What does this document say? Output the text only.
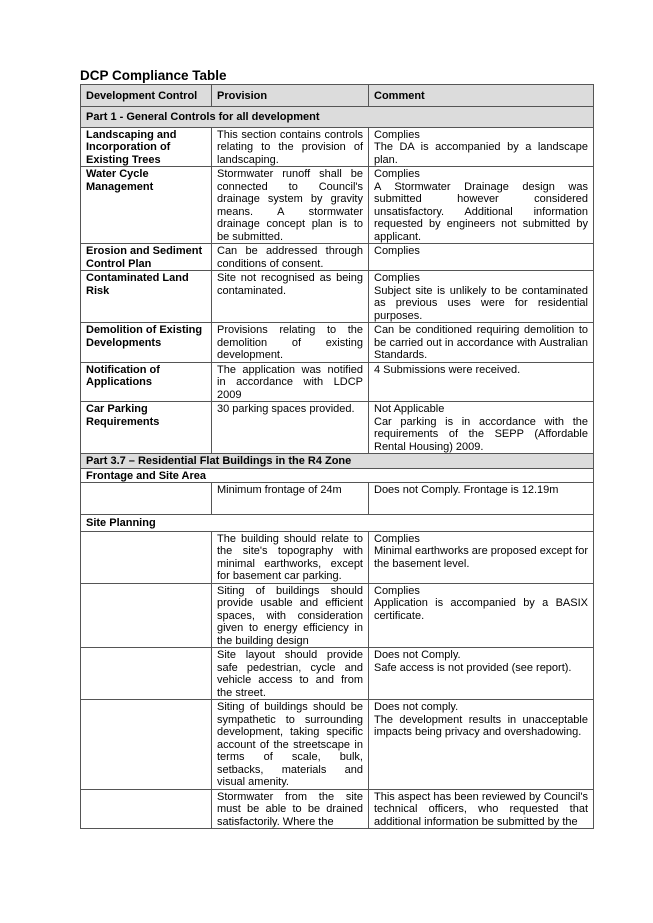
DCP Compliance Table
Development Control	Provision	Comment
Part 1 - General Controls for all development		
Landscaping and Incorporation of Existing Trees	This section contains controls relating to the provision of landscaping.	Complies
The DA is accompanied by a landscape plan.

Water Cycle Management	Stormwater runoff shall be connected to Council's drainage system by gravity means. A stormwater drainage concept plan is to be submitted.	Complies
A Stormwater Drainage design was submitted however considered unsatisfactory. Additional information requested by engineers not submitted by applicant.

Erosion and Sediment Control Plan	Can be addressed through conditions of consent.	Complies

Contaminated Land Risk	Site not recognised as being contaminated.	Complies
Subject site is unlikely to be contaminated as previous uses were for residential purposes.

Demolition of Existing Developments	Provisions relating to the demolition of existing development.	Can be conditioned requiring demolition to be carried out in accordance with Australian Standards.

Notification of Applications	The application was notified in accordance with LDCP 2009	4 Submissions were received.

Car Parking Requirements	30 parking spaces provided.	Not Applicable
Car parking is in accordance with the requirements of the SEPP (Affordable Rental Housing) 2009.

Part 3.7 – Residential Flat Buildings in the R4 Zone		
Frontage and Site Area		
	Minimum frontage of 24m	Does not Comply. Frontage is 12.19m
Site Planning		
	The building should relate to the site's topography with minimal earthworks, except for basement car parking.	Complies
Minimal earthworks are proposed except for the basement level.

	Siting of buildings should provide usable and efficient spaces, with consideration given to energy efficiency in the building design	Complies
Application is accompanied by a BASIX certificate.

	Site layout should provide safe pedestrian, cycle and vehicle access to and from the street.	Does not Comply.
Safe access is not provided (see report).

	Siting of buildings should be sympathetic to surrounding development, taking specific account of the streetscape in terms of scale, bulk, setbacks, materials and visual amenity.	Does not comply.
The development results in unacceptable impacts being privacy and overshadowing.

	Stormwater from the site must be able to be drained satisfactorily. Where the	This aspect has been reviewed by Council's technical officers, who requested that additional information be submitted by the
